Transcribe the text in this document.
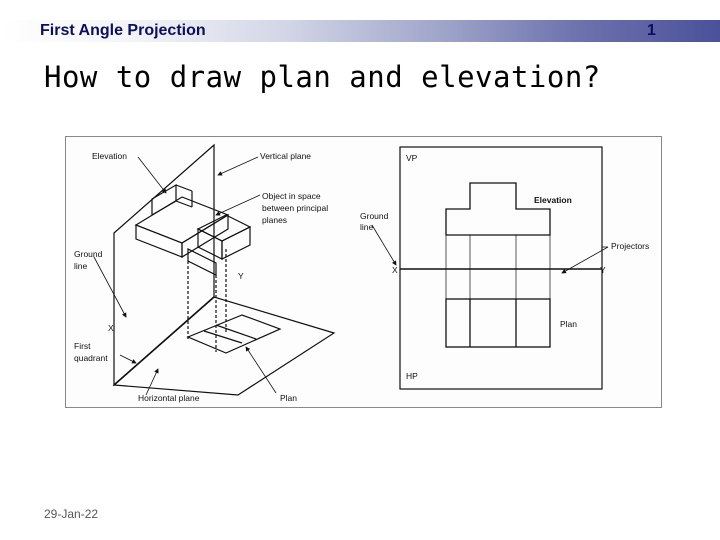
First Angle Projection	1
How to draw plan and elevation?
Elevation	Vertical plane
Object in space
between principal
planes
Ground
line
Y
X
First
quadrant
Horizontal plane	Plan
VP
Elevation
Ground
line
Projectors
X	Y
Plan
HP
29-Jan-22
